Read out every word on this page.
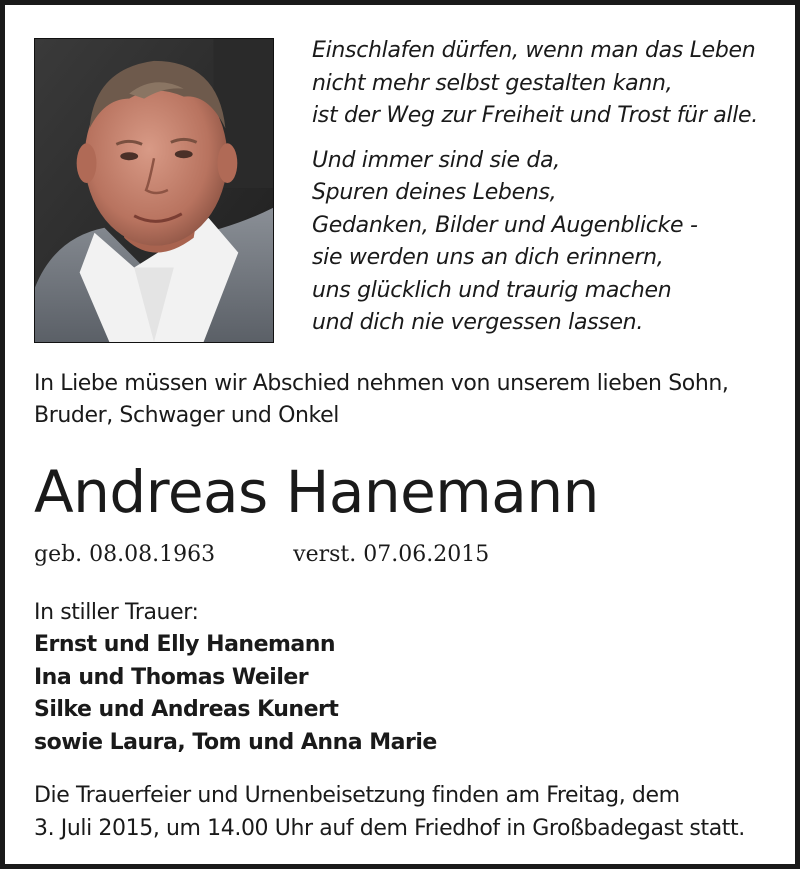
Einschlafen dürfen, wenn man das Leben
nicht mehr selbst gestalten kann,
ist der Weg zur Freiheit und Trost für alle.
Und immer sind sie da,
Spuren deines Lebens,
Gedanken, Bilder und Augenblicke -
sie werden uns an dich erinnern,
uns glücklich und traurig machen
und dich nie vergessen lassen.
In Liebe müssen wir Abschied nehmen von unserem lieben Sohn,
Bruder, Schwager und Onkel
Andreas Hanemann
geb. 08.08.1963	verst. 07.06.2015
In stiller Trauer:
Ernst und Elly Hanemann
Ina und Thomas Weiler
Silke und Andreas Kunert
sowie Laura, Tom und Anna Marie
Die Trauerfeier und Urnenbeisetzung finden am Freitag, dem
3. Juli 2015, um 14.00 Uhr auf dem Friedhof in Großbadegast statt.
